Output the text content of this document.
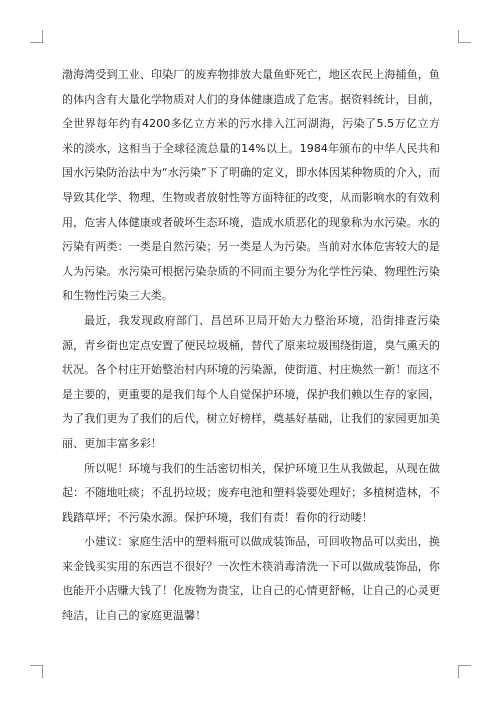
渤海湾受到工业、印染厂的废弃物排放大量鱼虾死亡，地区农民上海捕鱼，鱼的体内含有大量化学物质对人们的身体健康造成了危害。据资料统计，目前，全世界每年约有4200多亿立方米的污水排入江河湖海，污染了5.5万亿立方米的淡水，这相当于全球径流总量的14%以上。1984年颁布的中华人民共和国水污染防治法中为“水污染”下了明确的定义，即水体因某种物质的介入，而导致其化学、物理、生物或者放射性等方面特征的改变，从而影响水的有效利用，危害人体健康或者破坏生态环境，造成水质恶化的现象称为水污染。水的污染有两类：一类是自然污染；另一类是人为污染。当前对水体危害较大的是人为污染。水污染可根据污染杂质的不同而主要分为化学性污染、物理性污染和生物性污染三大类。

最近，我发现政府部门、昌邑环卫局开始大力整治环境，沿街排查污染源，青乡街也定点安置了便民垃圾桶，替代了原来垃圾围绕街道，臭气熏天的状况。各个村庄开始整治村内环境的污染源，使街道、村庄焕然一新！而这不是主要的，更重要的是我们每个人自觉保护环境，保护我们赖以生存的家园，为了我们更为了我们的后代，树立好榜样，奠基好基础，让我们的家园更加美丽、更加丰富多彩！

所以呢！环境与我们的生活密切相关，保护环境卫生从我做起，从现在做起：不随地吐痰；不乱扔垃圾；废弃电池和塑料袋要处理好；多植树造林，不践踏草坪；不污染水源。保护环境，我们有责！看你的行动喽！

小建议：家庭生活中的塑料瓶可以做成装饰品，可回收物品可以卖出，换来金钱买实用的东西岂不很好？一次性木筷消毒清洗一下可以做成装饰品，你也能开小店赚大钱了！化废物为贵宝，让自己的心情更舒畅，让自己的心灵更纯洁，让自己的家庭更温馨！
